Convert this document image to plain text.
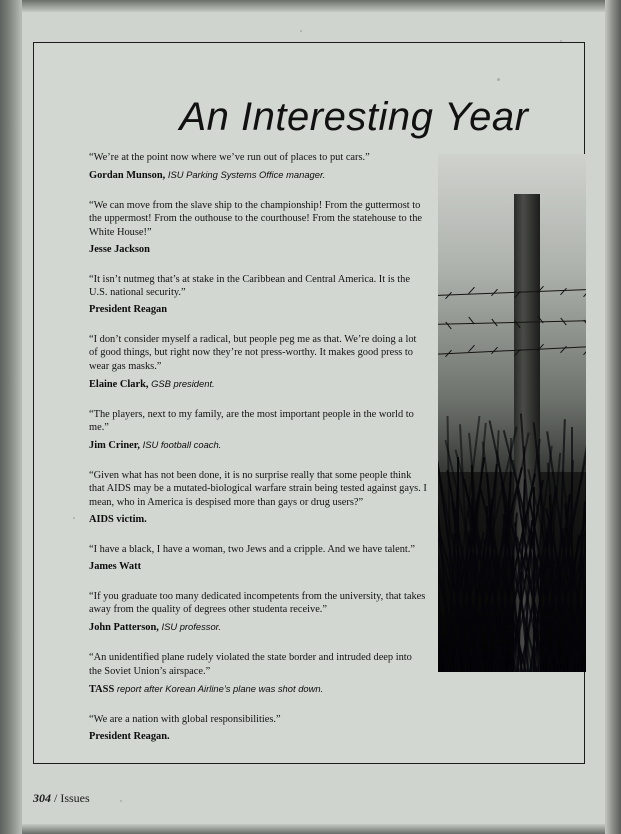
An Interesting Year

“We’re at the point now where we’ve run out of places to put cars.”

Gordan Munson, ISU Parking Systems Office manager.

“We can move from the slave ship to the championship! From the guttermost to the uppermost! From the outhouse to the courthouse! From the statehouse to the White House!”

Jesse Jackson

“It isn’t nutmeg that’s at stake in the Caribbean and Central America. It is the U.S. national security.”

President Reagan

“I don’t consider myself a radical, but people peg me as that. We’re doing a lot of good things, but right now they’re not press-worthy. It makes good press to wear gas masks.”

Elaine Clark, GSB president.

“The players, next to my family, are the most important people in the world to me.”

Jim Criner, ISU football coach.

“Given what has not been done, it is no surprise really that some people think that AIDS may be a mutated-biological warfare strain being tested against gays. I mean, who in America is despised more than gays or drug users?”

AIDS victim.

“I have a black, I have a woman, two Jews and a cripple. And we have talent.”

James Watt

“If you graduate too many dedicated incompetents from the university, that takes away from the quality of degrees other studenta receive.”

John Patterson, ISU professor.

“An unidentified plane rudely violated the state border and intruded deep into the Soviet Union’s airspace.”

TASS report after Korean Airline’s plane was shot down.

“We are a nation with global responsibilities.”

President Reagan.

304 / Issues
